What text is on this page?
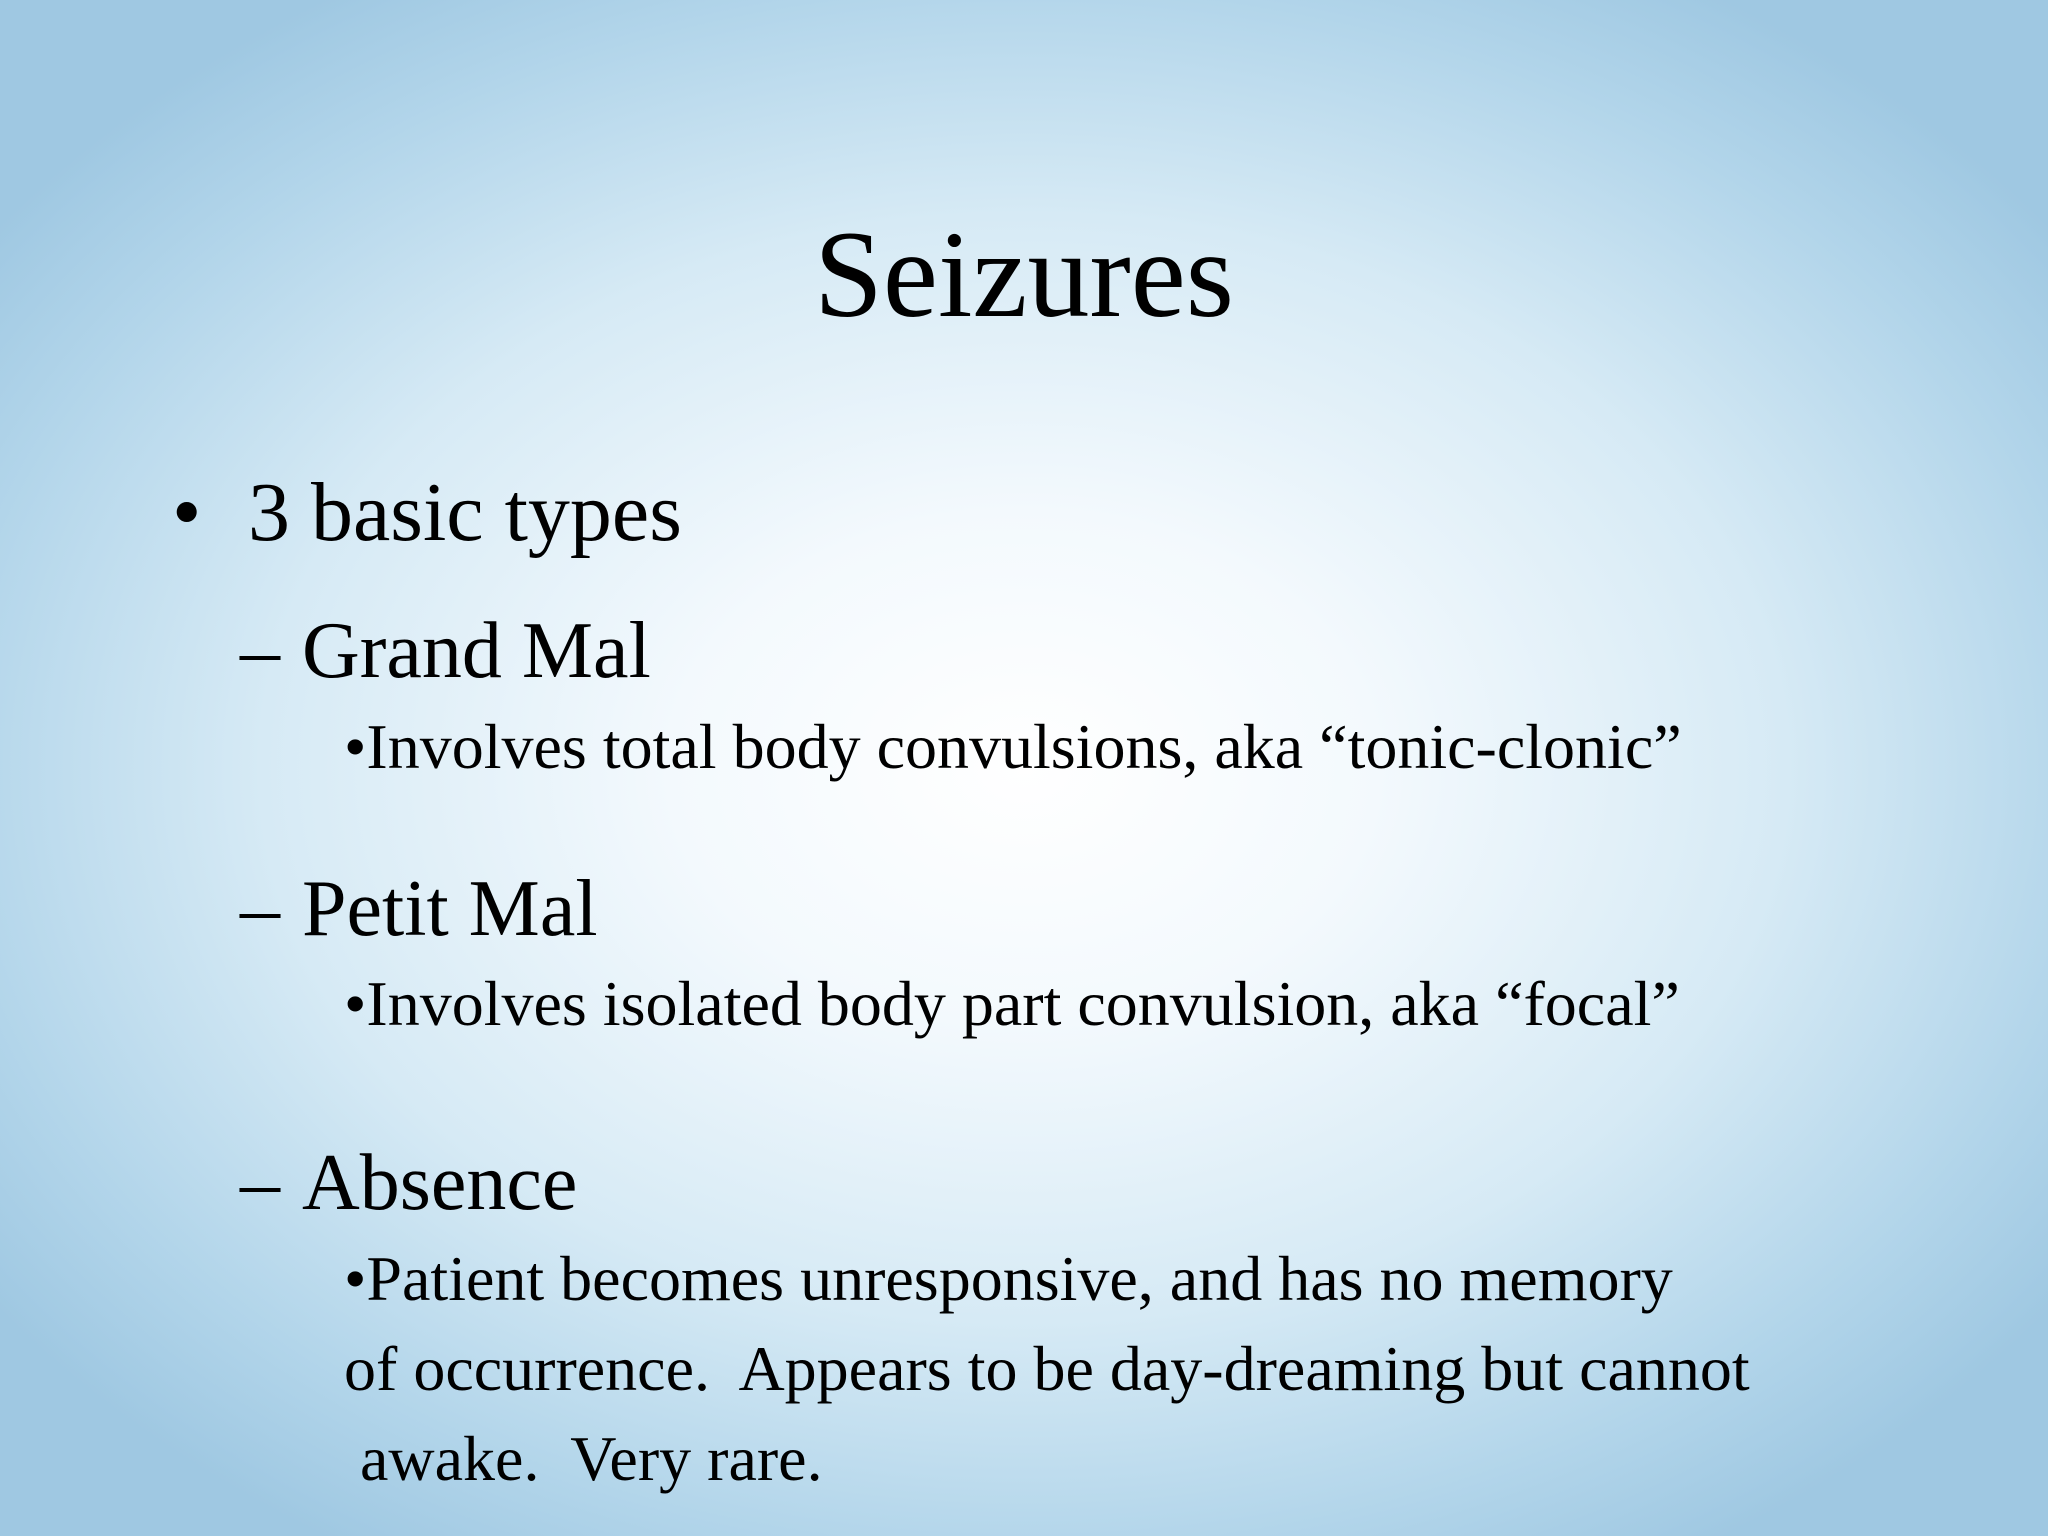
Seizures
• 3 basic types
– Grand Mal
•Involves total body convulsions, aka “tonic-clonic”
– Petit Mal
•Involves isolated body part convulsion, aka “focal”
– Absence
•Patient becomes unresponsive, and has no memory
of occurrence.  Appears to be day-dreaming but cannot
awake.  Very rare.
